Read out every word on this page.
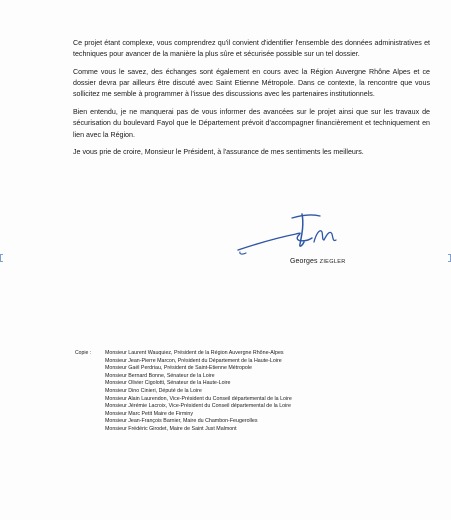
Ce projet étant complexe, vous comprendrez qu'il convient d'identifier l'ensemble des données administratives et techniques pour avancer de la manière la plus sûre et sécurisée possible sur un tel dossier.

Comme vous le savez, des échanges sont également en cours avec la Région Auvergne Rhône Alpes et ce dossier devra par ailleurs être discuté avec Saint Etienne Métropole. Dans ce contexte, la rencontre que vous sollicitez me semble à programmer à l'issue des discussions avec les partenaires institutionnels.

Bien entendu, je ne manquerai pas de vous informer des avancées sur le projet ainsi que sur les travaux de sécurisation du boulevard Fayol que le Département prévoit d'accompagner financièrement et techniquement en lien avec la Région.

Je vous prie de croire, Monsieur le Président, à l'assurance de mes sentiments les meilleurs.

Georges ZIEGLER
Copie :	Monsieur Laurent Wauquiez, Président de la Région Auvergne Rhône-Alpes
Monsieur Jean-Pierre Marcon, Président du Département de la Haute-Loire
Monsieur Gaël Perdriau, Président de Saint-Etienne Métropole
Monsieur Bernard Bonne, Sénateur de la Loire
Monsieur Olivier Cigolotti, Sénateur de la Haute-Loire
Monsieur Dino Cinieri, Député de la Loire
Monsieur Alain Laurendon, Vice-Président du Conseil départemental de la Loire
Monsieur Jérémie Lacroix, Vice-Président du Conseil départemental de la Loire
Monsieur Marc Petit Maire de Firminy
Monsieur Jean-François Barnier, Maire du Chambon-Feugerolles
Monsieur Frédéric Girodet, Maire de Saint Just Malmont
